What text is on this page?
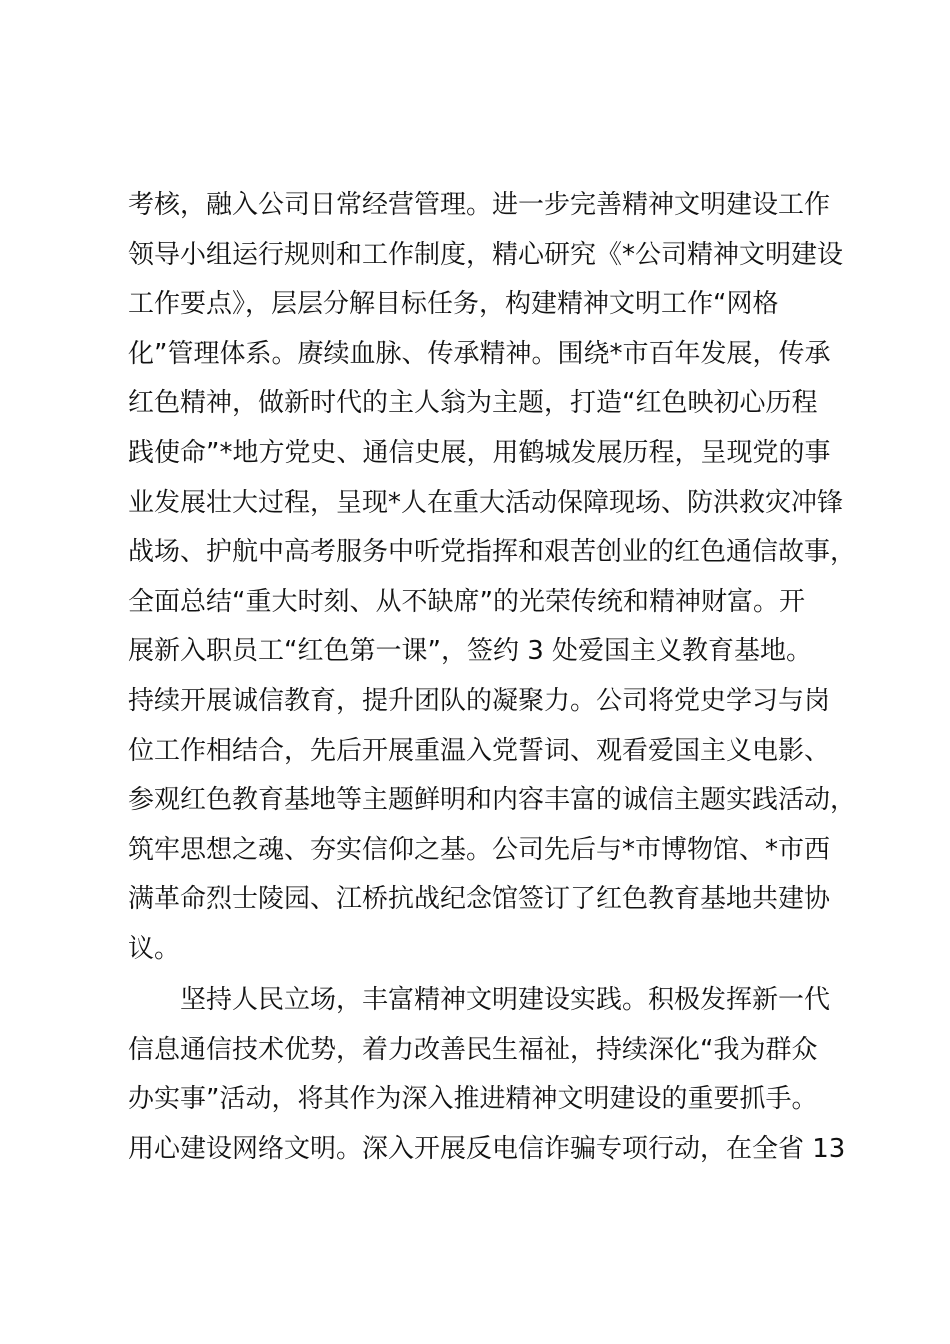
考核，融入公司日常经营管理。进一步完善精神文明建设工作
领导小组运行规则和工作制度，精心研究《*公司精神文明建设
工作要点》，层层分解目标任务，构建精神文明工作“网格
化”管理体系。赓续血脉、传承精神。围绕*市百年发展，传承
红色精神，做新时代的主人翁为主题，打造“红色映初心历程
践使命”*地方党史、通信史展，用鹤城发展历程，呈现党的事
业发展壮大过程，呈现*人在重大活动保障现场、防洪救灾冲锋
战场、护航中高考服务中听党指挥和艰苦创业的红色通信故事，
全面总结“重大时刻、从不缺席”的光荣传统和精神财富。开
展新入职员工“红色第一课”，签约 3 处爱国主义教育基地。
持续开展诚信教育，提升团队的凝聚力。公司将党史学习与岗
位工作相结合，先后开展重温入党誓词、观看爱国主义电影、
参观红色教育基地等主题鲜明和内容丰富的诚信主题实践活动，
筑牢思想之魂、夯实信仰之基。公司先后与*市博物馆、*市西
满革命烈士陵园、江桥抗战纪念馆签订了红色教育基地共建协
议。
坚持人民立场，丰富精神文明建设实践。积极发挥新一代
信息通信技术优势，着力改善民生福祉，持续深化“我为群众
办实事”活动，将其作为深入推进精神文明建设的重要抓手。
用心建设网络文明。深入开展反电信诈骗专项行动，在全省 13
